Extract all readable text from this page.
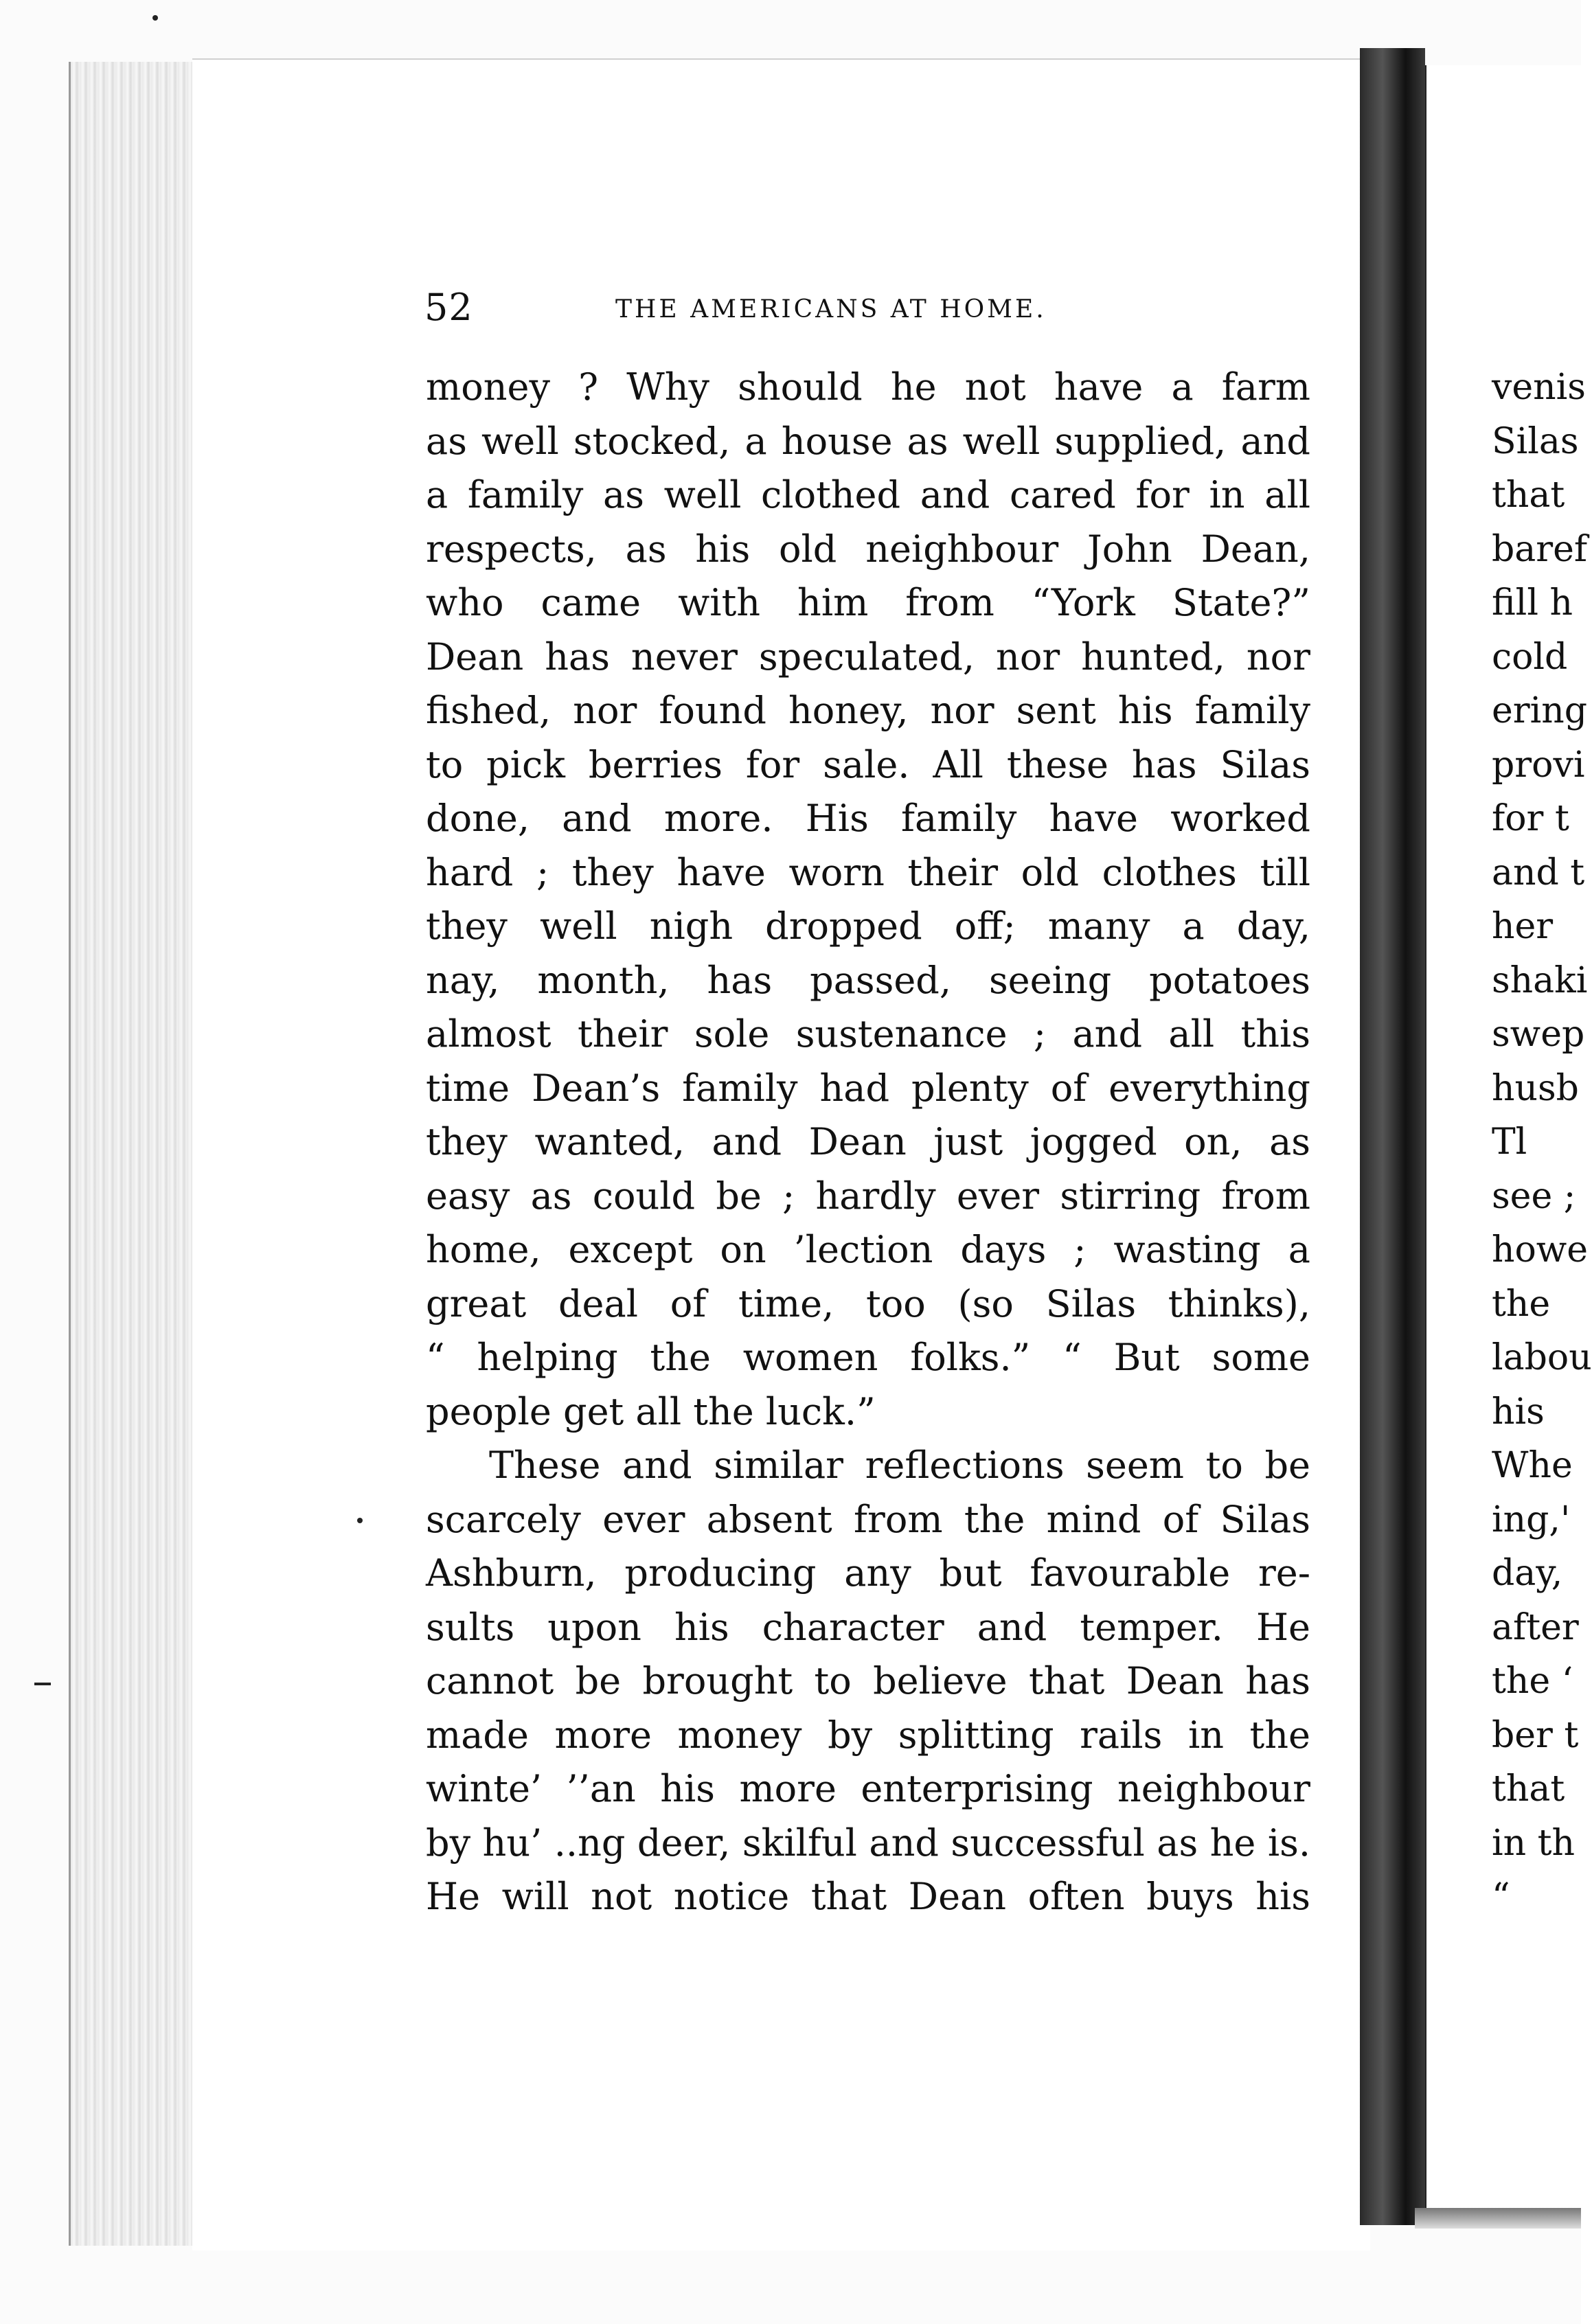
52	THE AMERICANS AT HOME.
money ? Why should he not have a farm
as well stocked, a house as well supplied, and
a family as well clothed and cared for in all
respects, as his old neighbour John Dean,
who came with him from “York State?”
Dean has never speculated, nor hunted, nor
fished, nor found honey, nor sent his family
to pick berries for sale. All these has Silas
done, and more. His family have worked
hard ; they have worn their old clothes till
they well nigh dropped off; many a day,
nay, month, has passed, seeing potatoes
almost their sole sustenance ; and all this
time Dean’s family had plenty of everything
they wanted, and Dean just jogged on, as
easy as could be ; hardly ever stirring from
home, except on ’lection days ; wasting a
great deal of time, too (so Silas thinks),
“ helping the women folks.” “ But some
people get all the luck.”
These and similar reflections seem to be
scarcely ever absent from the mind of Silas
Ashburn, producing any but favourable re-
sults upon his character and temper. He
cannot be brought to believe that Dean has
made more money by splitting rails in the
winte’ ’’an his more enterprising neighbour
by hu’ ..ng deer, skilful and successful as he is.
He will not notice that Dean often buys his
venis
Silas
that
baref
fill h
cold
ering
provi
for t
and t
her
shaki
swep
husb
Tl
see ;
howe
the
labou
his
Whe
ing,'
day,
after
the ‘
ber t
that
in th
“
